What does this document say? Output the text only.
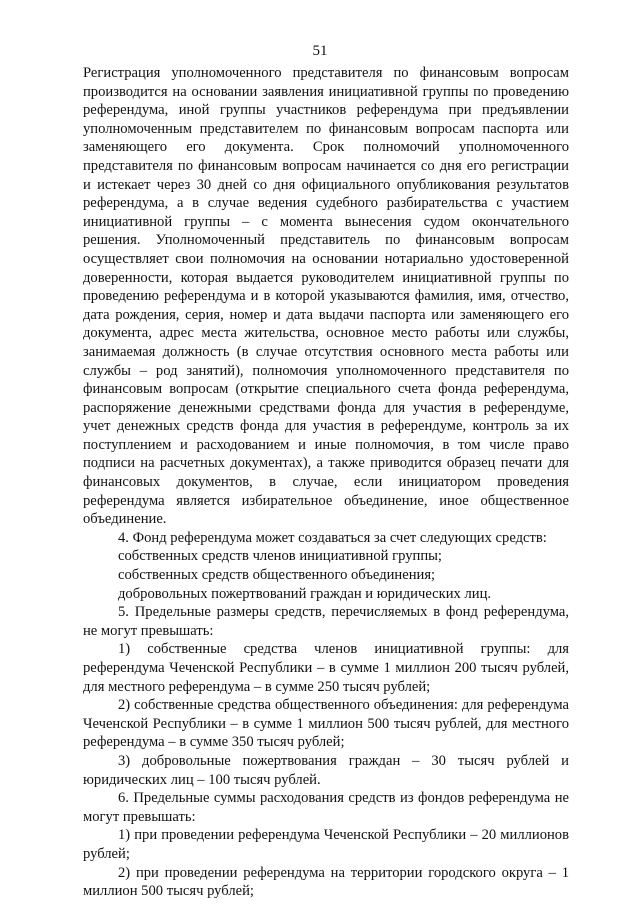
51

Регистрация уполномоченного представителя по финансовым вопросам производится на основании заявления инициативной группы по проведению референдума, иной группы участников референдума при предъявлении уполномоченным представителем по финансовым вопросам паспорта или заменяющего его документа. Срок полномочий уполномоченного представителя по финансовым вопросам начинается со дня его регистрации и истекает через 30 дней со дня официального опубликования результатов референдума, а в случае ведения судебного разбирательства с участием инициативной группы – с момента вынесения судом окончательного решения. Уполномоченный представитель по финансовым вопросам осуществляет свои полномочия на основании нотариально удостоверенной доверенности, которая выдается руководителем инициативной группы по проведению референдума и в которой указываются фамилия, имя, отчество, дата рождения, серия, номер и дата выдачи паспорта или заменяющего его документа, адрес места жительства, основное место работы или службы, занимаемая должность (в случае отсутствия основного места работы или службы – род занятий), полномочия уполномоченного представителя по финансовым вопросам (открытие специального счета фонда референдума, распоряжение денежными средствами фонда для участия в референдуме, учет денежных средств фонда для участия в референдуме, контроль за их поступлением и расходованием и иные полномочия, в том числе право подписи на расчетных документах), а также приводится образец печати для финансовых документов, в случае, если инициатором проведения референдума является избирательное объединение, иное общественное объединение.

4. Фонд референдума может создаваться за счет следующих средств:

собственных средств членов инициативной группы;

собственных средств общественного объединения;

добровольных пожертвований граждан и юридических лиц.

5. Предельные размеры средств, перечисляемых в фонд референдума, не могут превышать:

1) собственные средства членов инициативной группы: для референдума Чеченской Республики – в сумме 1 миллион 200 тысяч рублей, для местного референдума – в сумме 250 тысяч рублей;

2) собственные средства общественного объединения: для референдума Чеченской Республики – в сумме 1 миллион 500 тысяч рублей, для местного референдума – в сумме 350 тысяч рублей;

3) добровольные пожертвования граждан – 30 тысяч рублей и юридических лиц – 100 тысяч рублей.

6. Предельные суммы расходования средств из фондов референдума не могут превышать:

1) при проведении референдума Чеченской Республики – 20 миллионов рублей;

2) при проведении референдума на территории городского округа – 1 миллион 500 тысяч рублей;
